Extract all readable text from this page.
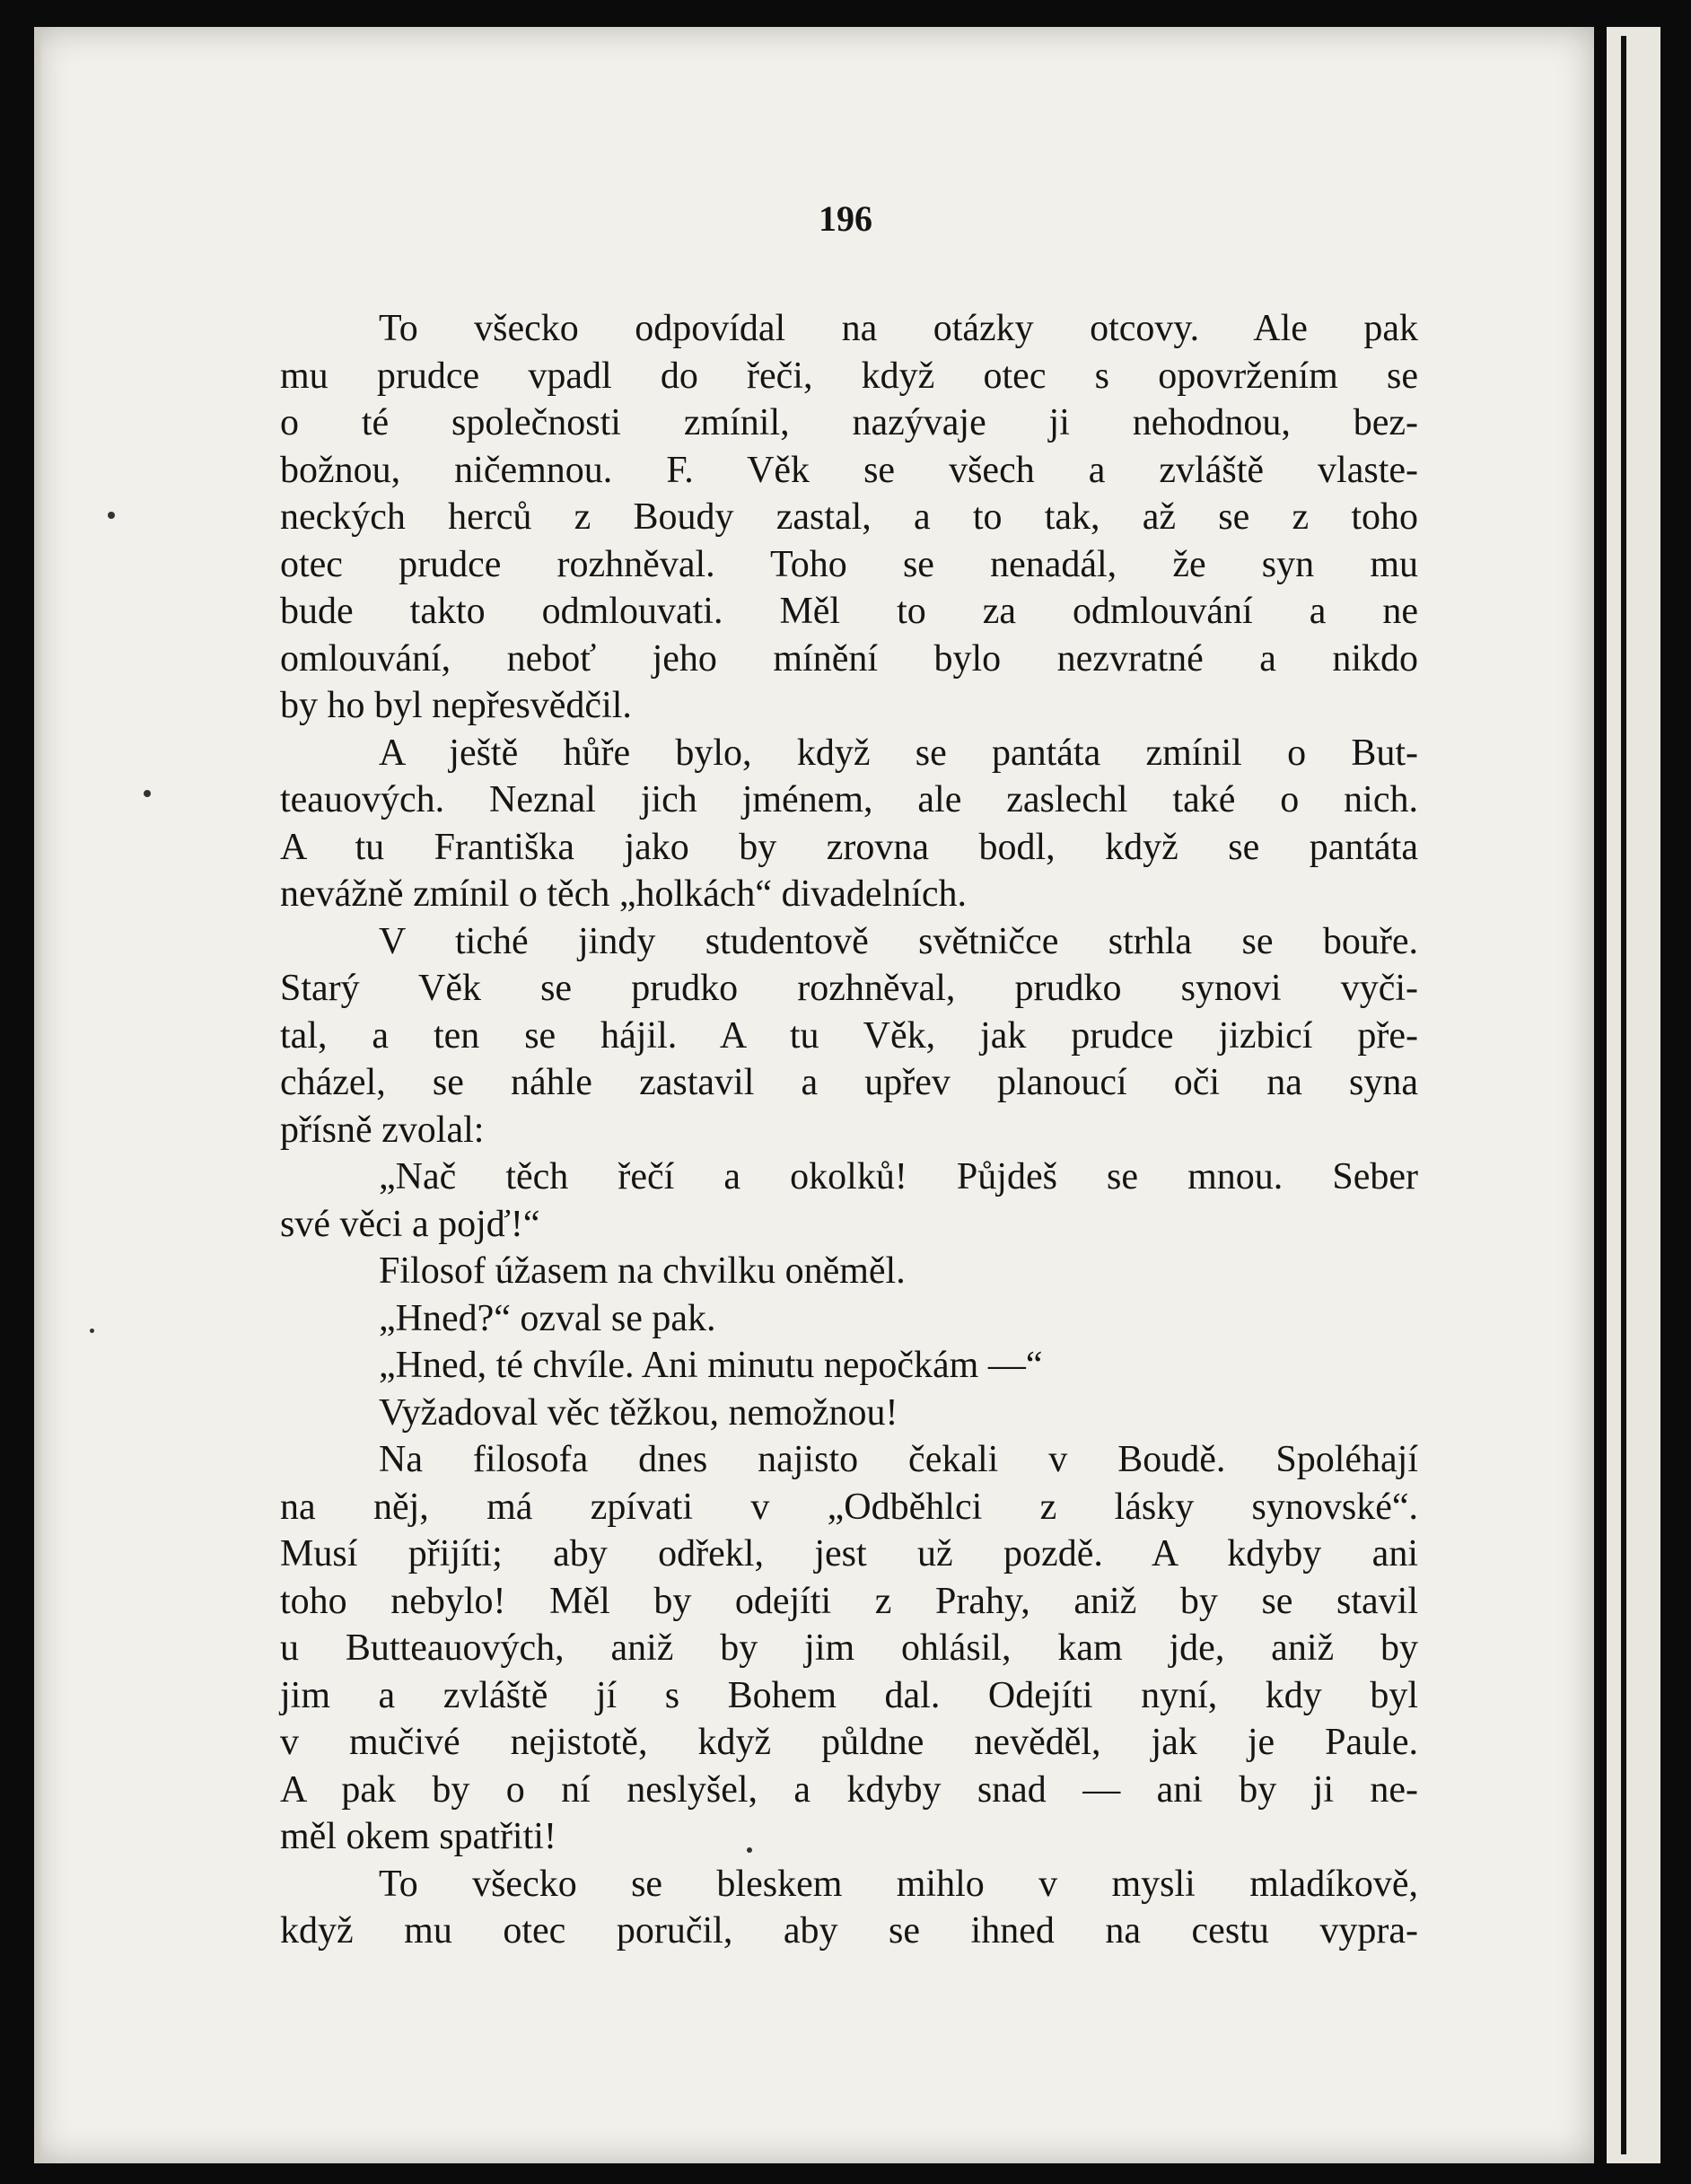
196
To všecko odpovídal na otázky otcovy. Ale pak
mu prudce vpadl do řeči, když otec s opovržením se
o té společnosti zmínil, nazývaje ji nehodnou, bez-
božnou, ničemnou. F. Věk se všech a zvláště vlaste-
neckých herců z Boudy zastal, a to tak, až se z toho
otec prudce rozhněval. Toho se nenadál, že syn mu
bude takto odmlouvati. Měl to za odmlouvání a ne
omlouvání, neboť jeho mínění bylo nezvratné a nikdo
by ho byl nepřesvědčil.
A ještě hůře bylo, když se pantáta zmínil o But-
teauových. Neznal jich jménem, ale zaslechl také o nich.
A tu Františka jako by zrovna bodl, když se pantáta
nevážně zmínil o těch „holkách“ divadelních.
V tiché jindy studentově světničce strhla se bouře.
Starý Věk se prudko rozhněval, prudko synovi vyči-
tal, a ten se hájil. A tu Věk, jak prudce jizbicí pře-
cházel, se náhle zastavil a upřev planoucí oči na syna
přísně zvolal:
„Nač těch řečí a okolků! Půjdeš se mnou. Seber
své věci a pojď!“
Filosof úžasem na chvilku oněměl.
„Hned?“ ozval se pak.
„Hned, té chvíle. Ani minutu nepočkám —“
Vyžadoval věc těžkou, nemožnou!
Na filosofa dnes najisto čekali v Boudě. Spoléhají
na něj, má zpívati v „Odběhlci z lásky synovské“.
Musí přijíti; aby odřekl, jest už pozdě. A kdyby ani
toho nebylo! Měl by odejíti z Prahy, aniž by se stavil
u Butteauových, aniž by jim ohlásil, kam jde, aniž by
jim a zvláště jí s Bohem dal. Odejíti nyní, kdy byl
v mučivé nejistotě, když půldne nevěděl, jak je Paule.
A pak by o ní neslyšel, a kdyby snad — ani by ji ne-
měl okem spatřiti!
To všecko se bleskem mihlo v mysli mladíkově,
když mu otec poručil, aby se ihned na cestu vypra-
